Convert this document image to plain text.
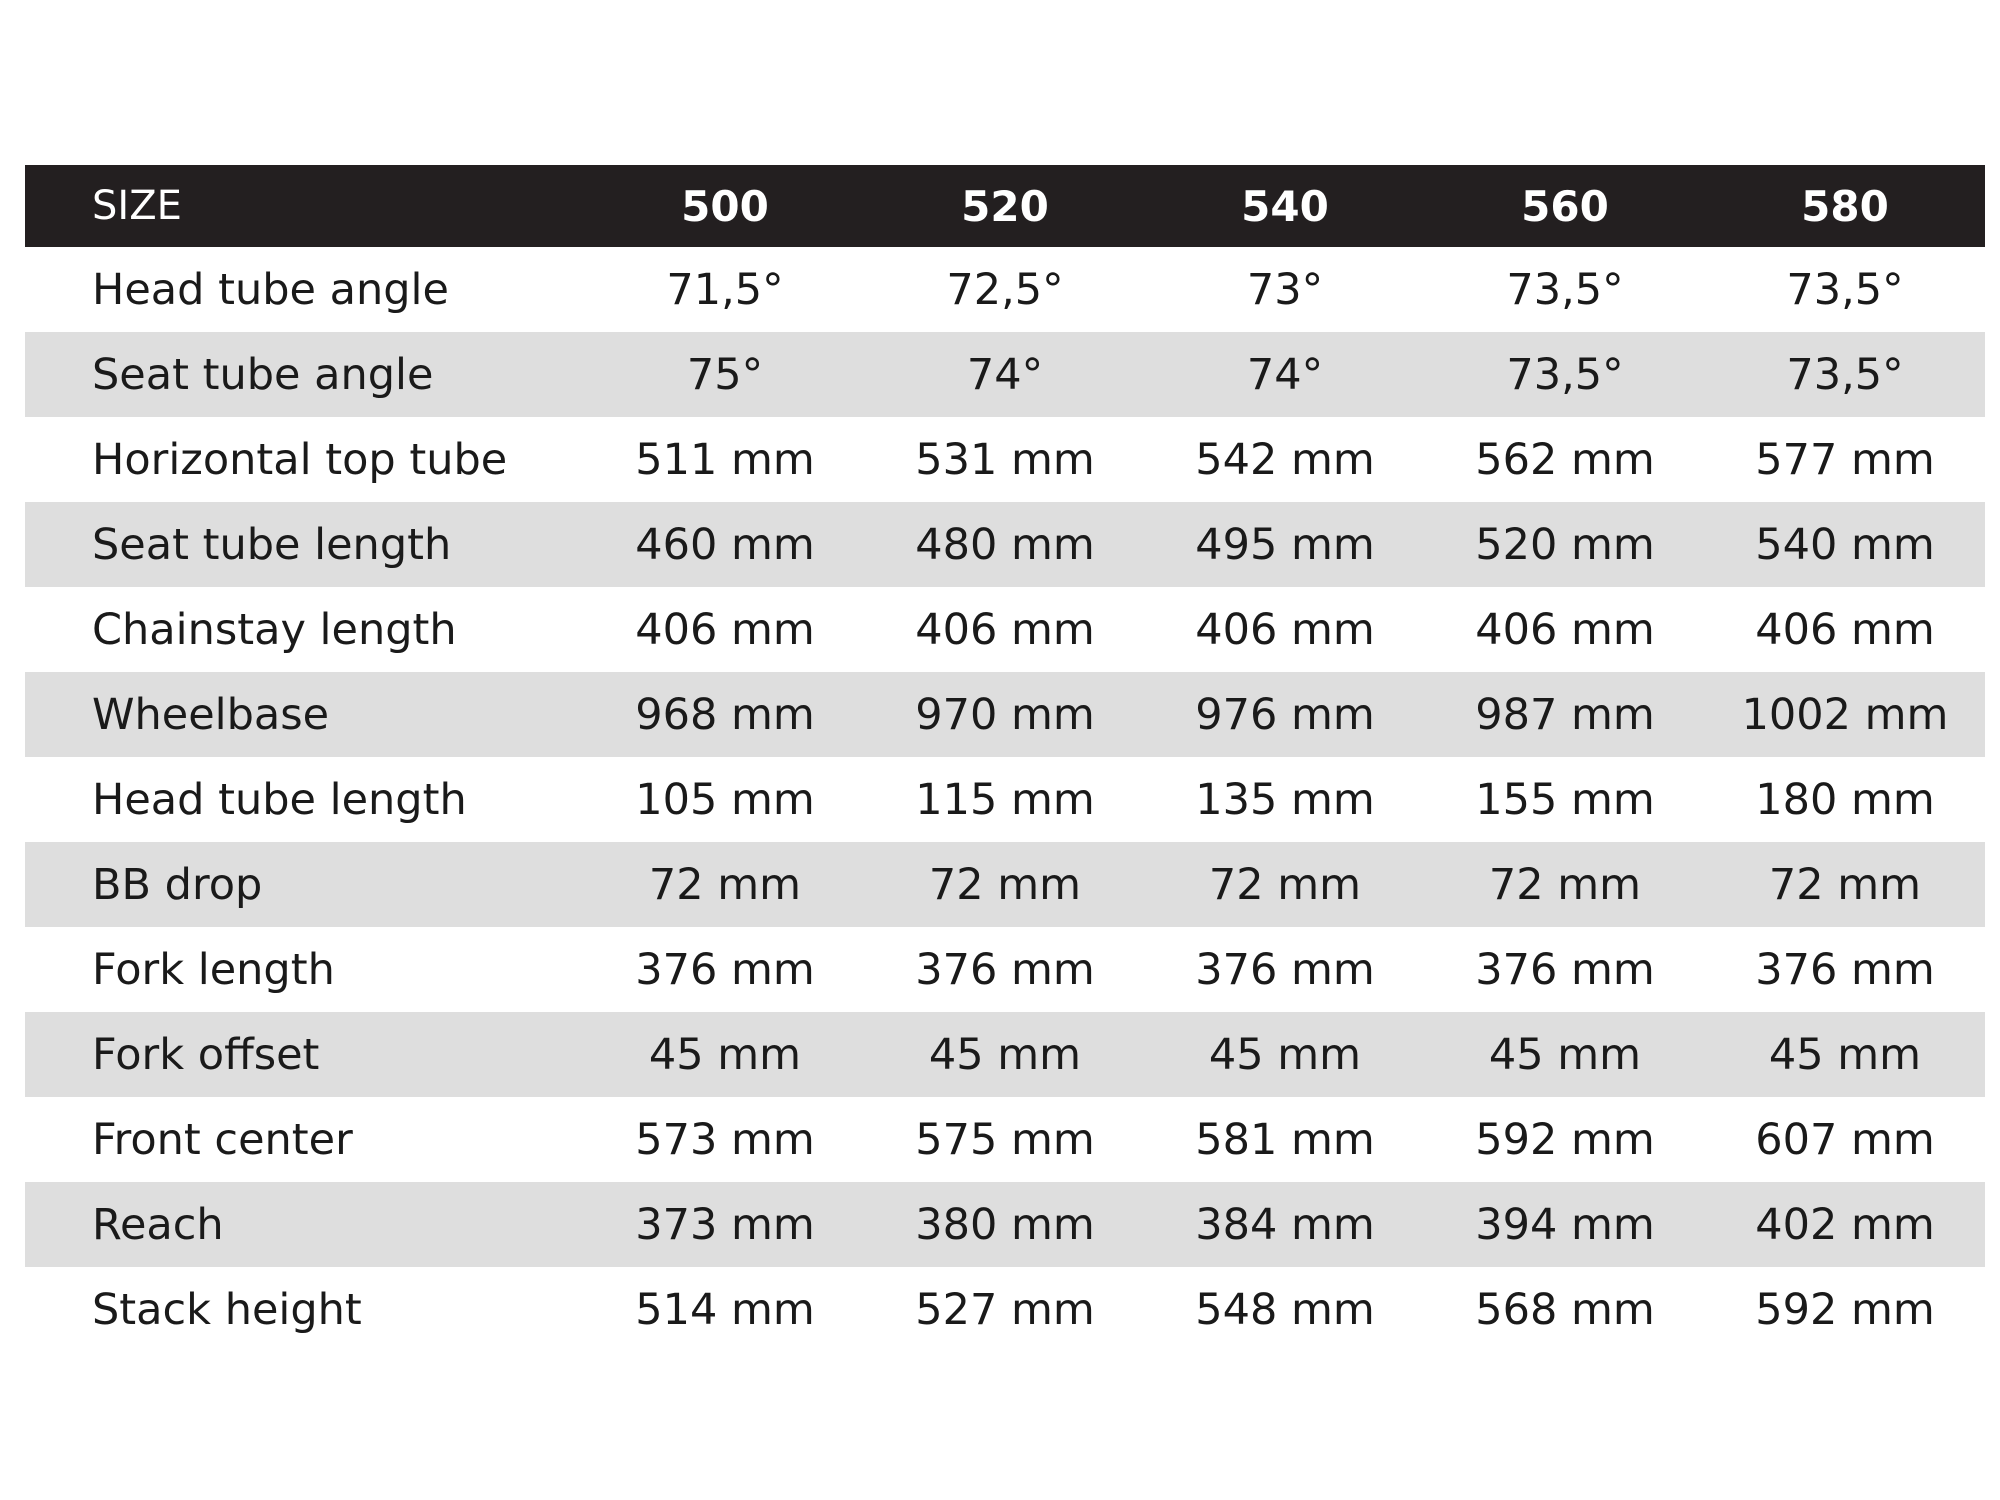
SIZE	500	520	540	560	580
Head tube angle	71,5°	72,5°	73°	73,5°	73,5°
Seat tube angle	75°	74°	74°	73,5°	73,5°
Horizontal top tube	511 mm	531 mm	542 mm	562 mm	577 mm
Seat tube length	460 mm	480 mm	495 mm	520 mm	540 mm
Chainstay length	406 mm	406 mm	406 mm	406 mm	406 mm
Wheelbase	968 mm	970 mm	976 mm	987 mm	1002 mm
Head tube length	105 mm	115 mm	135 mm	155 mm	180 mm
BB drop	72 mm	72 mm	72 mm	72 mm	72 mm
Fork length	376 mm	376 mm	376 mm	376 mm	376 mm
Fork offset	45 mm	45 mm	45 mm	45 mm	45 mm
Front center	573 mm	575 mm	581 mm	592 mm	607 mm
Reach	373 mm	380 mm	384 mm	394 mm	402 mm
Stack height	514 mm	527 mm	548 mm	568 mm	592 mm
